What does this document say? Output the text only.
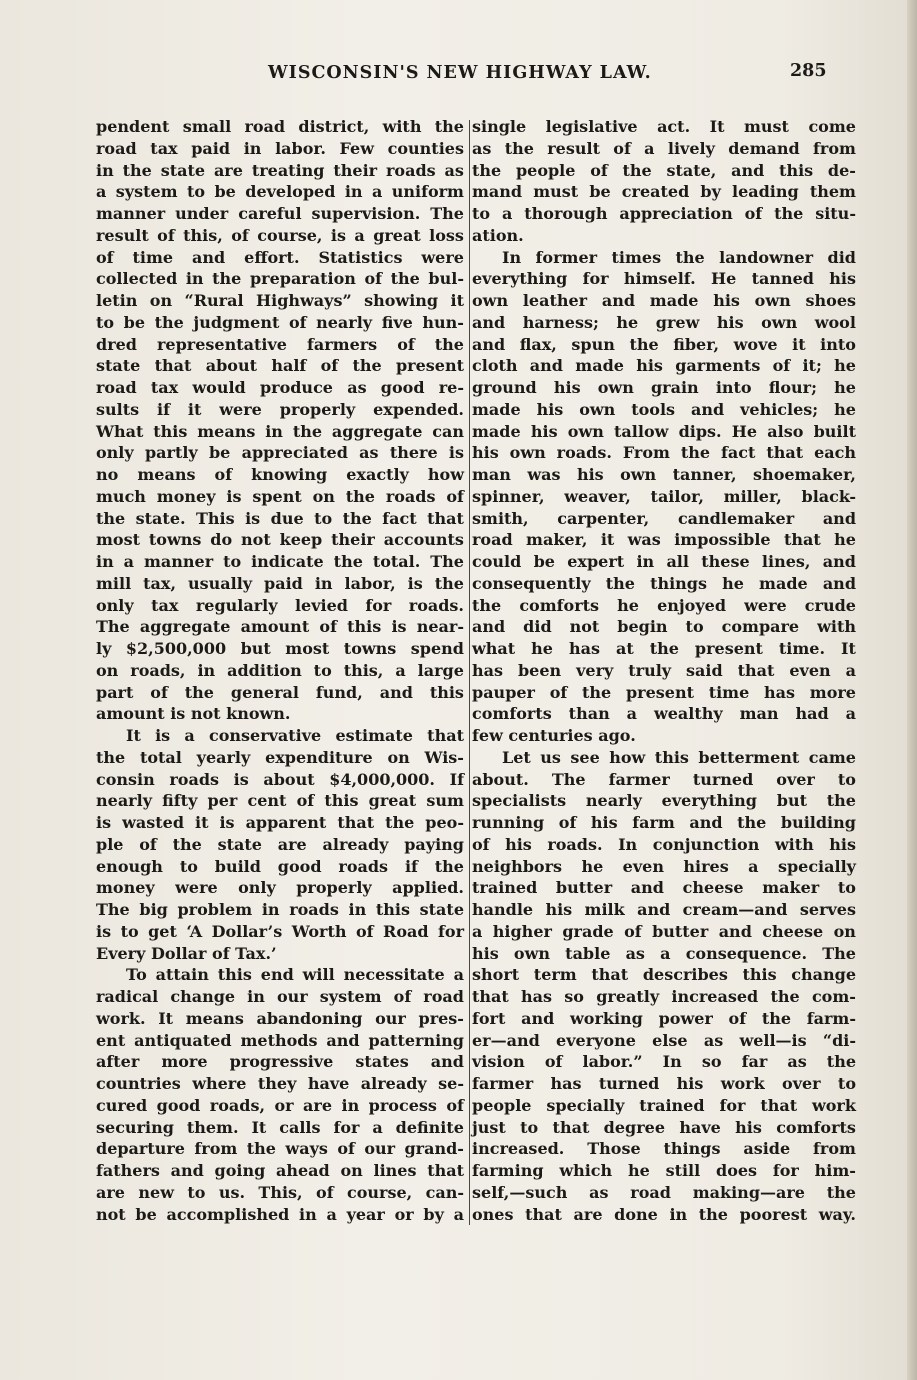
WISCONSIN'S NEW HIGHWAY LAW.	285
pendent small road district, with the
road tax paid in labor. Few counties
in the state are treating their roads as
a system to be developed in a uniform
manner under careful supervision. The
result of this, of course, is a great loss
of time and effort. Statistics were
collected in the preparation of the bul-
letin on “Rural Highways” showing it
to be the judgment of nearly five hun-
dred representative farmers of the
state that about half of the present
road tax would produce as good re-
sults if it were properly expended.
What this means in the aggregate can
only partly be appreciated as there is
no means of knowing exactly how
much money is spent on the roads of
the state. This is due to the fact that
most towns do not keep their accounts
in a manner to indicate the total. The
mill tax, usually paid in labor, is the
only tax regularly levied for roads.
The aggregate amount of this is near-
ly $2,500,000 but most towns spend
on roads, in addition to this, a large
part of the general fund, and this
amount is not known.
It is a conservative estimate that
the total yearly expenditure on Wis-
consin roads is about $4,000,000. If
nearly fifty per cent of this great sum
is wasted it is apparent that the peo-
ple of the state are already paying
enough to build good roads if the
money were only properly applied.
The big problem in roads in this state
is to get ‘A Dollar’s Worth of Road for
Every Dollar of Tax.’
To attain this end will necessitate a
radical change in our system of road
work. It means abandoning our pres-
ent antiquated methods and patterning
after more progressive states and
countries where they have already se-
cured good roads, or are in process of
securing them. It calls for a definite
departure from the ways of our grand-
fathers and going ahead on lines that
are new to us. This, of course, can-
not be accomplished in a year or by a
single legislative act. It must come
as the result of a lively demand from
the people of the state, and this de-
mand must be created by leading them
to a thorough appreciation of the situ-
ation.
In former times the landowner did
everything for himself. He tanned his
own leather and made his own shoes
and harness; he grew his own wool
and flax, spun the fiber, wove it into
cloth and made his garments of it; he
ground his own grain into flour; he
made his own tools and vehicles; he
made his own tallow dips. He also built
his own roads. From the fact that each
man was his own tanner, shoemaker,
spinner, weaver, tailor, miller, black-
smith, carpenter, candlemaker and
road maker, it was impossible that he
could be expert in all these lines, and
consequently the things he made and
the comforts he enjoyed were crude
and did not begin to compare with
what he has at the present time. It
has been very truly said that even a
pauper of the present time has more
comforts than a wealthy man had a
few centuries ago.
Let us see how this betterment came
about. The farmer turned over to
specialists nearly everything but the
running of his farm and the building
of his roads. In conjunction with his
neighbors he even hires a specially
trained butter and cheese maker to
handle his milk and cream—and serves
a higher grade of butter and cheese on
his own table as a consequence. The
short term that describes this change
that has so greatly increased the com-
fort and working power of the farm-
er—and everyone else as well—is “di-
vision of labor.” In so far as the
farmer has turned his work over to
people specially trained for that work
just to that degree have his comforts
increased. Those things aside from
farming which he still does for him-
self,—such as road making—are the
ones that are done in the poorest way.
